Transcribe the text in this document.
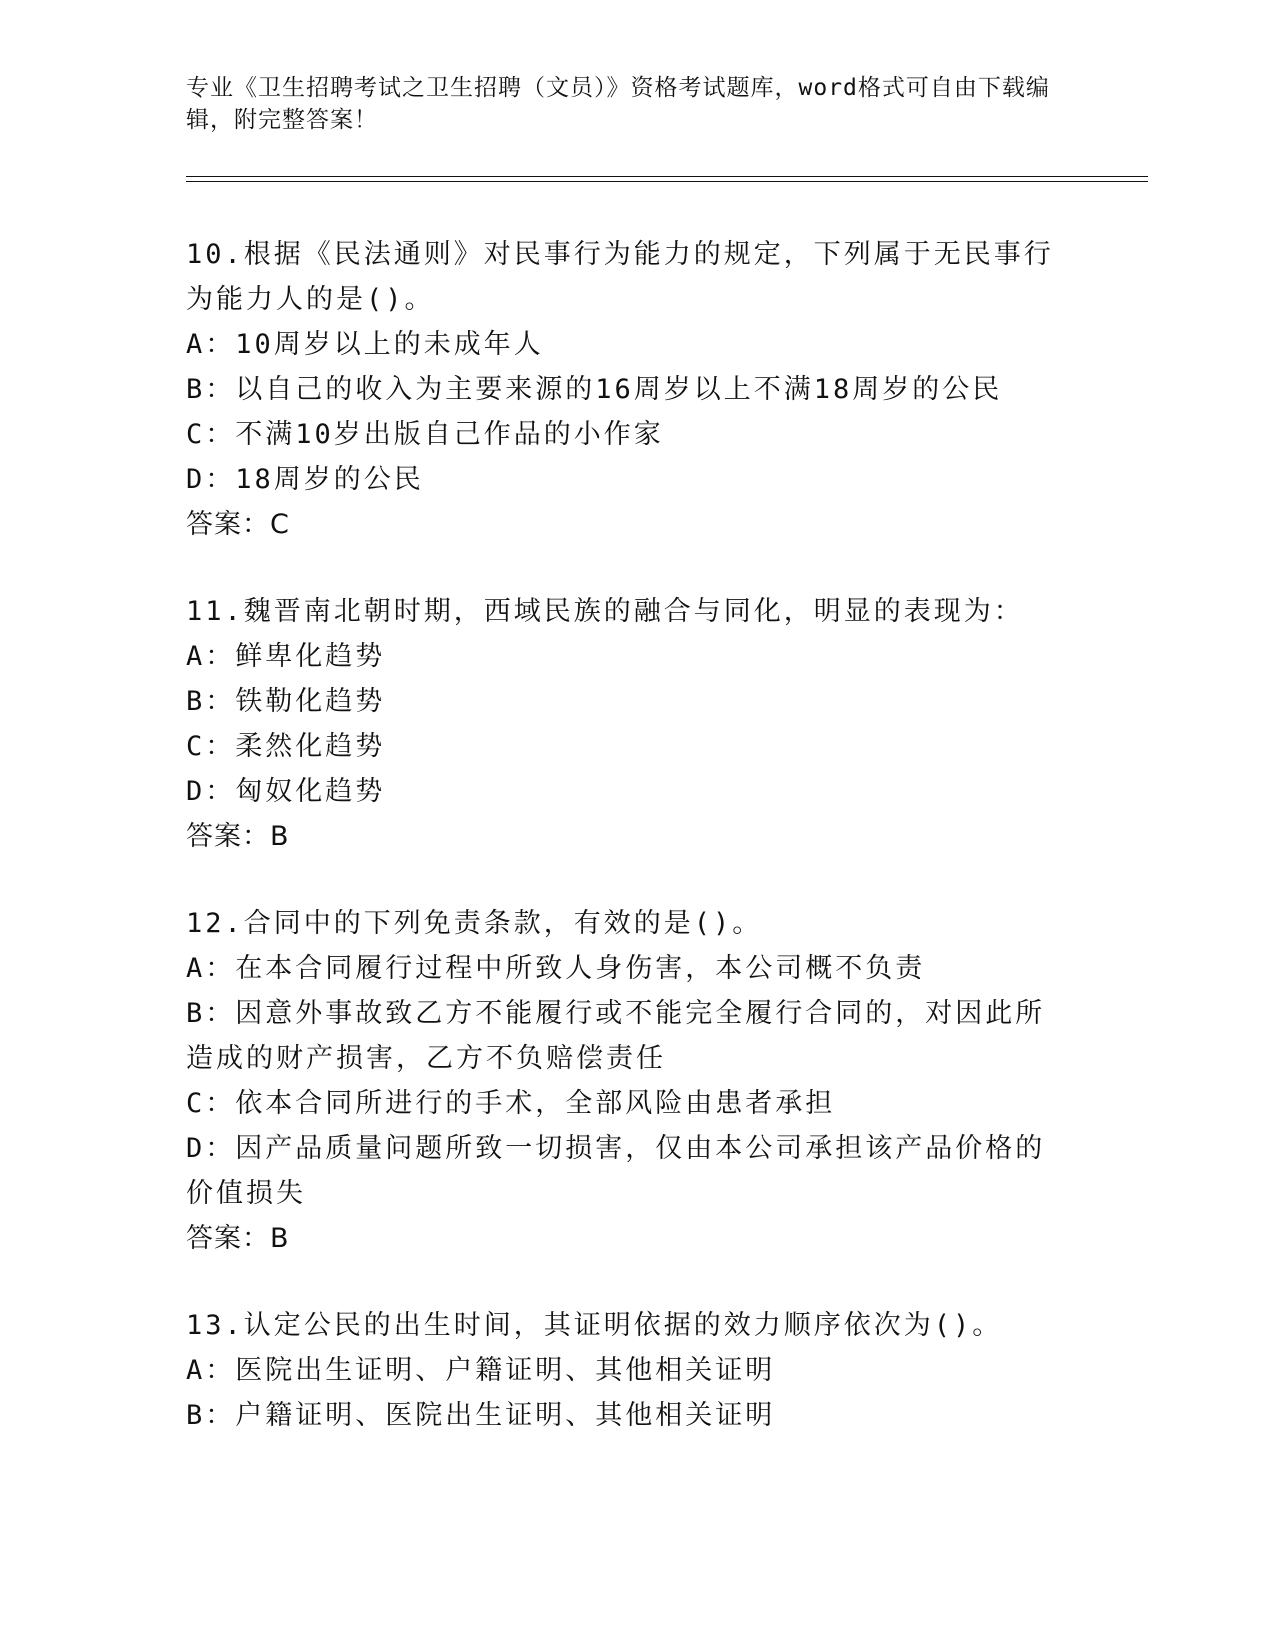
专业《卫生招聘考试之卫生招聘（文员）》资格考试题库，word格式可自由下载编辑，附完整答案！
10.根据《民法通则》对民事行为能力的规定，下列属于无民事行为能力人的是()。
A：10周岁以上的未成年人
B：以自己的收入为主要来源的16周岁以上不满18周岁的公民
C：不满10岁出版自己作品的小作家
D：18周岁的公民
答案：C
11.魏晋南北朝时期，西域民族的融合与同化，明显的表现为：
A：鲜卑化趋势
B：铁勒化趋势
C：柔然化趋势
D：匈奴化趋势
答案：B
12.合同中的下列免责条款，有效的是()。
A：在本合同履行过程中所致人身伤害，本公司概不负责
B：因意外事故致乙方不能履行或不能完全履行合同的，对因此所造成的财产损害，乙方不负赔偿责任
C：依本合同所进行的手术，全部风险由患者承担
D：因产品质量问题所致一切损害，仅由本公司承担该产品价格的价值损失
答案：B
13.认定公民的出生时间，其证明依据的效力顺序依次为()。
A：医院出生证明、户籍证明、其他相关证明
B：户籍证明、医院出生证明、其他相关证明
